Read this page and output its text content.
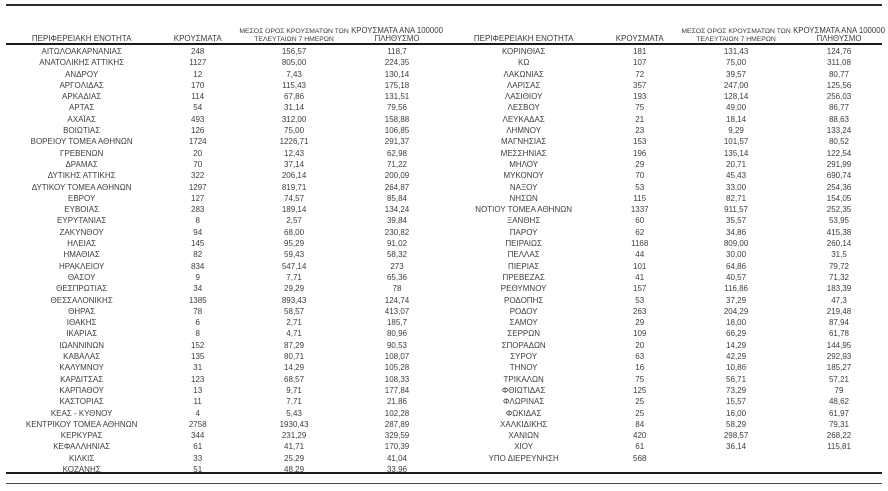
ΠΕΡΙΦΕΡΕΙΑΚΗ ΕΝΟΤΗΤΑ	ΚΡΟΥΣΜΑΤΑ	ΜΕΣΟΣ ΟΡΟΣ ΚΡΟΥΣΜΑΤΩΝ ΤΩΝ ΤΕΛΕΥΤΑΙΩΝ 7 ΗΜΕΡΩΝ	ΚΡΟΥΣΜΑΤΑ ΑΝΑ 100000 ΠΛΗΘΥΣΜΟ
ΑΙΤΩΛΟΑΚΑΡΝΑΝΙΑΣ	248	156,57	118,7
ΑΝΑΤΟΛΙΚΗΣ ΑΤΤΙΚΗΣ	1127	805,00	224,35
ΑΝΔΡΟΥ	12	7,43	130,14
ΑΡΓΟΛΙΔΑΣ	170	115,43	175,18
ΑΡΚΑΔΙΑΣ	114	67,86	131,51
ΑΡΤΑΣ	54	31,14	79,56
ΑΧΑΪΑΣ	493	312,00	158,88
ΒΟΙΩΤΙΑΣ	126	75,00	106,85
ΒΟΡΕΙΟΥ ΤΟΜΕΑ ΑΘΗΝΩΝ	1724	1226,71	291,37
ΓΡΕΒΕΝΩΝ	20	12,43	62,98
ΔΡΑΜΑΣ	70	37,14	71,22
ΔΥΤΙΚΗΣ ΑΤΤΙΚΗΣ	322	206,14	200,09
ΔΥΤΙΚΟΥ ΤΟΜΕΑ ΑΘΗΝΩΝ	1297	819,71	264,87
ΕΒΡΟΥ	127	74,57	85,84
ΕΥΒΟΙΑΣ	283	189,14	134,24
ΕΥΡΥΤΑΝΙΑΣ	8	2,57	39,84
ΖΑΚΥΝΘΟΥ	94	68,00	230,82
ΗΛΕΙΑΣ	145	95,29	91,02
ΗΜΑΘΙΑΣ	82	59,43	58,32
ΗΡΑΚΛΕΙΟΥ	834	547,14	273
ΘΑΣΟΥ	9	7,71	65,36
ΘΕΣΠΡΩΤΙΑΣ	34	29,29	78
ΘΕΣΣΑΛΟΝΙΚΗΣ	1385	893,43	124,74
ΘΗΡΑΣ	78	58,57	413,07
ΙΘΑΚΗΣ	6	2,71	185,7
ΙΚΑΡΙΑΣ	8	4,71	80,96
ΙΩΑΝΝΙΝΩΝ	152	87,29	90,53
ΚΑΒΑΛΑΣ	135	80,71	108,07
ΚΑΛΥΜΝΟΥ	31	14,29	105,28
ΚΑΡΔΙΤΣΑΣ	123	68,57	108,33
ΚΑΡΠΑΘΟΥ	13	9,71	177,84
ΚΑΣΤΟΡΙΑΣ	11	7,71	21,86
ΚΕΑΣ - ΚΥΘΝΟΥ	4	5,43	102,28
ΚΕΝΤΡΙΚΟΥ ΤΟΜΕΑ ΑΘΗΝΩΝ	2758	1930,43	287,89
ΚΕΡΚΥΡΑΣ	344	231,29	329,59
ΚΕΦΑΛΛΗΝΙΑΣ	61	41,71	170,39
ΚΙΛΚΙΣ	33	25,29	41,04
ΚΟΖΑΝΗΣ	51	48,29	33,96
ΠΕΡΙΦΕΡΕΙΑΚΗ ΕΝΟΤΗΤΑ	ΚΡΟΥΣΜΑΤΑ	ΜΕΣΟΣ ΟΡΟΣ ΚΡΟΥΣΜΑΤΩΝ ΤΩΝ ΤΕΛΕΥΤΑΙΩΝ 7 ΗΜΕΡΩΝ	ΚΡΟΥΣΜΑΤΑ ΑΝΑ 100000 ΠΛΗΘΥΣΜΟ
ΚΟΡΙΝΘΙΑΣ	181	131,43	124,76
ΚΩ	107	75,00	311,08
ΛΑΚΩΝΙΑΣ	72	39,57	80,77
ΛΑΡΙΣΑΣ	357	247,00	125,56
ΛΑΣΙΘΙΟΥ	193	128,14	256,03
ΛΕΣΒΟΥ	75	49,00	86,77
ΛΕΥΚΑΔΑΣ	21	18,14	88,63
ΛΗΜΝΟΥ	23	9,29	133,24
ΜΑΓΝΗΣΙΑΣ	153	101,57	80,52
ΜΕΣΣΗΝΙΑΣ	196	135,14	122,54
ΜΗΛΟΥ	29	20,71	291,99
ΜΥΚΟΝΟΥ	70	45,43	690,74
ΝΑΞΟΥ	53	33,00	254,36
ΝΗΣΩΝ	115	82,71	154,05
ΝΟΤΙΟΥ ΤΟΜΕΑ ΑΘΗΝΩΝ	1337	911,57	252,35
ΞΑΝΘΗΣ	60	35,57	53,95
ΠΑΡΟΥ	62	34,86	415,38
ΠΕΙΡΑΙΩΣ	1168	809,00	260,14
ΠΕΛΛΑΣ	44	30,00	31,5
ΠΙΕΡΙΑΣ	101	64,86	79,72
ΠΡΕΒΕΖΑΣ	41	40,57	71,32
ΡΕΘΥΜΝΟΥ	157	116,86	183,39
ΡΟΔΟΠΗΣ	53	37,29	47,3
ΡΟΔΟΥ	263	204,29	219,48
ΣΑΜΟΥ	29	18,00	87,94
ΣΕΡΡΩΝ	109	66,29	61,78
ΣΠΟΡΑΔΩΝ	20	14,29	144,95
ΣΥΡΟΥ	63	42,29	292,93
ΤΗΝΟΥ	16	10,86	185,27
ΤΡΙΚΑΛΩΝ	75	56,71	57,21
ΦΘΙΩΤΙΔΑΣ	125	73,29	79
ΦΛΩΡΙΝΑΣ	25	15,57	48,62
ΦΩΚΙΔΑΣ	25	16,00	61,97
ΧΑΛΚΙΔΙΚΗΣ	84	58,29	79,31
ΧΑΝΙΩΝ	420	298,57	268,22
ΧΙΟΥ	61	36,14	115,81
ΥΠΟ ΔΙΕΡΕΥΝΗΣΗ	568		
